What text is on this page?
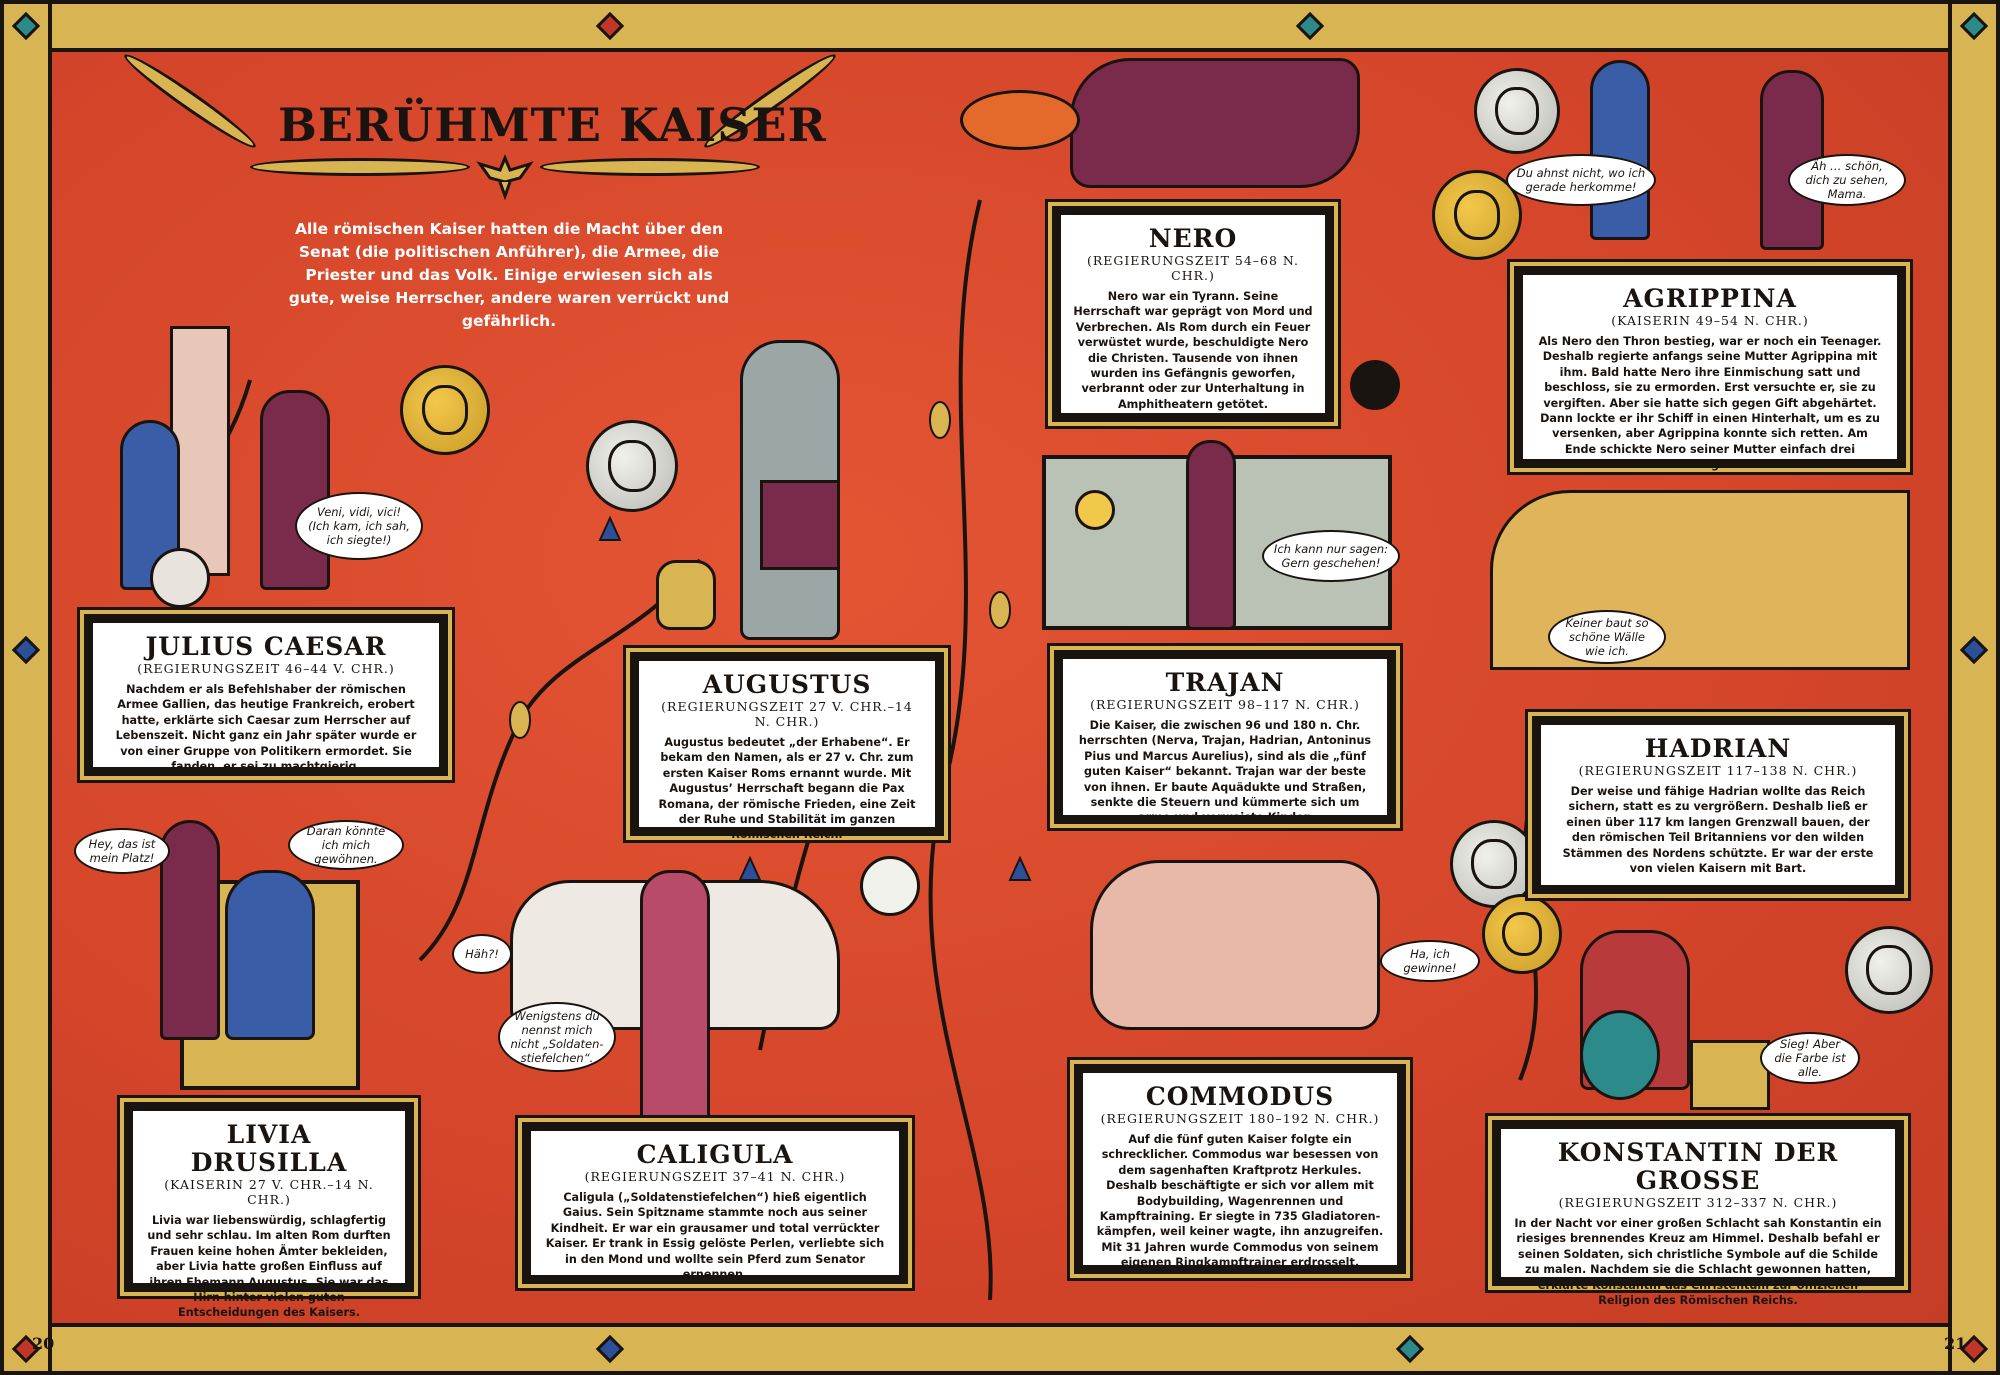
BERÜHMTE KAISER
Alle römischen Kaiser hatten die Macht über den Senat (die politischen Anführer), die Armee, die Priester und das Volk. Einige erwiesen sich als gute, weise Herrscher, andere waren verrückt und gefährlich.
JULIUS CAESAR
(REGIERUNGSZEIT 46–44 V. CHR.)

Nachdem er als Befehlshaber der römischen Armee Gallien, das heutige Frankreich, erobert hatte, erklärte sich Caesar zum Herrscher auf Lebenszeit. Nicht ganz ein Jahr später wurde er von einer Gruppe von Politikern ermordet. Sie fanden, er sei zu machtgierig.

AUGUSTUS
(REGIERUNGSZEIT 27 V. CHR.–14 N. CHR.)

Augustus bedeutet „der Erhabene“. Er bekam den Namen, als er 27 v. Chr. zum ersten Kaiser Roms ernannt wurde. Mit Augustus’ Herrschaft begann die Pax Romana, der römische Frieden, eine Zeit der Ruhe und Stabilität im ganzen Römischen Reich.

NERO
(REGIERUNGSZEIT 54–68 N. CHR.)

Nero war ein Tyrann. Seine Herrschaft war geprägt von Mord und Verbrechen. Als Rom durch ein Feuer verwüstet wurde, beschuldigte Nero die Christen. Tausende von ihnen wurden ins Gefängnis geworfen, verbrannt oder zur Unterhaltung in Amphitheatern getötet.

AGRIPPINA
(KAISERIN 49–54 N. CHR.)

Als Nero den Thron bestieg, war er noch ein Teenager. Deshalb regierte anfangs seine Mutter Agrippina mit ihm. Bald hatte Nero ihre Einmischung satt und beschloss, sie zu ermorden. Erst versuchte er, sie zu vergiften. Aber sie hatte sich gegen Gift abgehärtet. Dann lockte er ihr Schiff in einen Hinterhalt, um es zu versenken, aber Agrippina konnte sich retten. Am Ende schickte Nero seiner Mutter einfach drei schwertschwingende Mörder.

TRAJAN
(REGIERUNGSZEIT 98–117 N. CHR.)

Die Kaiser, die zwischen 96 und 180 n. Chr. herrschten (Nerva, Trajan, Hadrian, Antoninus Pius und Marcus Aurelius), sind als die „fünf guten Kaiser“ bekannt. Trajan war der beste von ihnen. Er baute Aquädukte und Straßen, senkte die Steuern und kümmerte sich um arme und verwaiste Kinder.

HADRIAN
(REGIERUNGSZEIT 117–138 N. CHR.)

Der weise und fähige Hadrian wollte das Reich sichern, statt es zu vergrößern. Deshalb ließ er einen über 117 km langen Grenzwall bauen, der den römischen Teil Britanniens vor den wilden Stämmen des Nordens schützte. Er war der erste von vielen Kaisern mit Bart.

LIVIA DRUSILLA
(KAISERIN 27 V. CHR.–14 N. CHR.)

Livia war liebenswürdig, schlagfertig und sehr schlau. Im alten Rom durften Frauen keine hohen Ämter bekleiden, aber Livia hatte großen Einfluss auf ihren Ehemann Augustus. Sie war das Hirn hinter vielen guten Entscheidungen des Kaisers.

CALIGULA
(REGIERUNGSZEIT 37–41 N. CHR.)

Caligula („Soldatenstiefelchen“) hieß eigentlich Gaius. Sein Spitzname stammte noch aus seiner Kindheit. Er war ein grausamer und total verrückter Kaiser. Er trank in Essig gelöste Perlen, verliebte sich in den Mond und wollte sein Pferd zum Senator ernennen.

COMMODUS
(REGIERUNGSZEIT 180–192 N. CHR.)

Auf die fünf guten Kaiser folgte ein schrecklicher. Commodus war besessen von dem sagenhaften Kraftprotz Herkules. Deshalb beschäftigte er sich vor allem mit Bodybuilding, Wagenrennen und Kampftraining. Er siegte in 735 Gladiatoren-kämpfen, weil keiner wagte, ihn anzugreifen. Mit 31 Jahren wurde Commodus von seinem eigenen Ringkampftrainer erdrosselt.

KONSTANTIN DER GROSSE
(REGIERUNGSZEIT 312–337 N. CHR.)

In der Nacht vor einer großen Schlacht sah Konstantin ein riesiges brennendes Kreuz am Himmel. Deshalb befahl er seinen Soldaten, sich christliche Symbole auf die Schilde zu malen. Nachdem sie die Schlacht gewonnen hatten, erklärte Konstantin das Christentum zur offiziellen Religion des Römischen Reichs.

Veni, vidi, vici! (Ich kam, ich sah, ich siegte!)
Du ahnst nicht, wo ich gerade herkomme!
Äh … schön, dich zu sehen, Mama.
Ich kann nur sagen: Gern geschehen!
Keiner baut so schöne Wälle wie ich.
Hey, das ist mein Platz!
Daran könnte ich mich gewöhnen.
Häh?!
Wenigstens du nennst mich nicht „Soldaten-stiefelchen“.
Ha, ich gewinne!
Sieg! Aber die Farbe ist alle.
20	21
